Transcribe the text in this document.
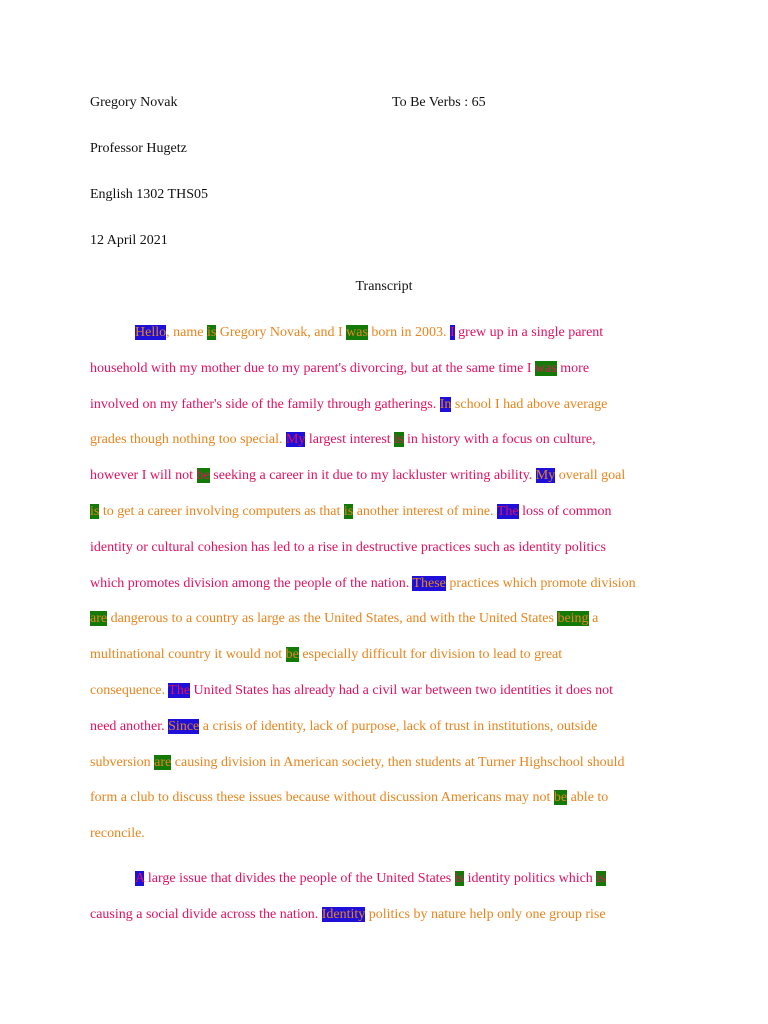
Gregory Novak	To Be Verbs : 65
Professor Hugetz
English 1302 THS05
12 April 2021
Transcript
Hello, name is Gregory Novak, and I was born in 2003. I grew up in a single parent
household with my mother due to my parent's divorcing, but at the same time I was more
involved on my father's side of the family through gatherings. In school I had above average
grades though nothing too special. My largest interest is in history with a focus on culture,
however I will not be seeking a career in it due to my lackluster writing ability. My overall goal
is to get a career involving computers as that is another interest of mine. The loss of common
identity or cultural cohesion has led to a rise in destructive practices such as identity politics
which promotes division among the people of the nation. These practices which promote division
are dangerous to a country as large as the United States, and with the United States being a
multinational country it would not be especially difficult for division to lead to great
consequence. The United States has already had a civil war between two identities it does not
need another. Since a crisis of identity, lack of purpose, lack of trust in institutions, outside
subversion are causing division in American society, then students at Turner Highschool should
form a club to discuss these issues because without discussion Americans may not be able to
reconcile.
A large issue that divides the people of the United States is identity politics which is
causing a social divide across the nation. Identity politics by nature help only one group rise
